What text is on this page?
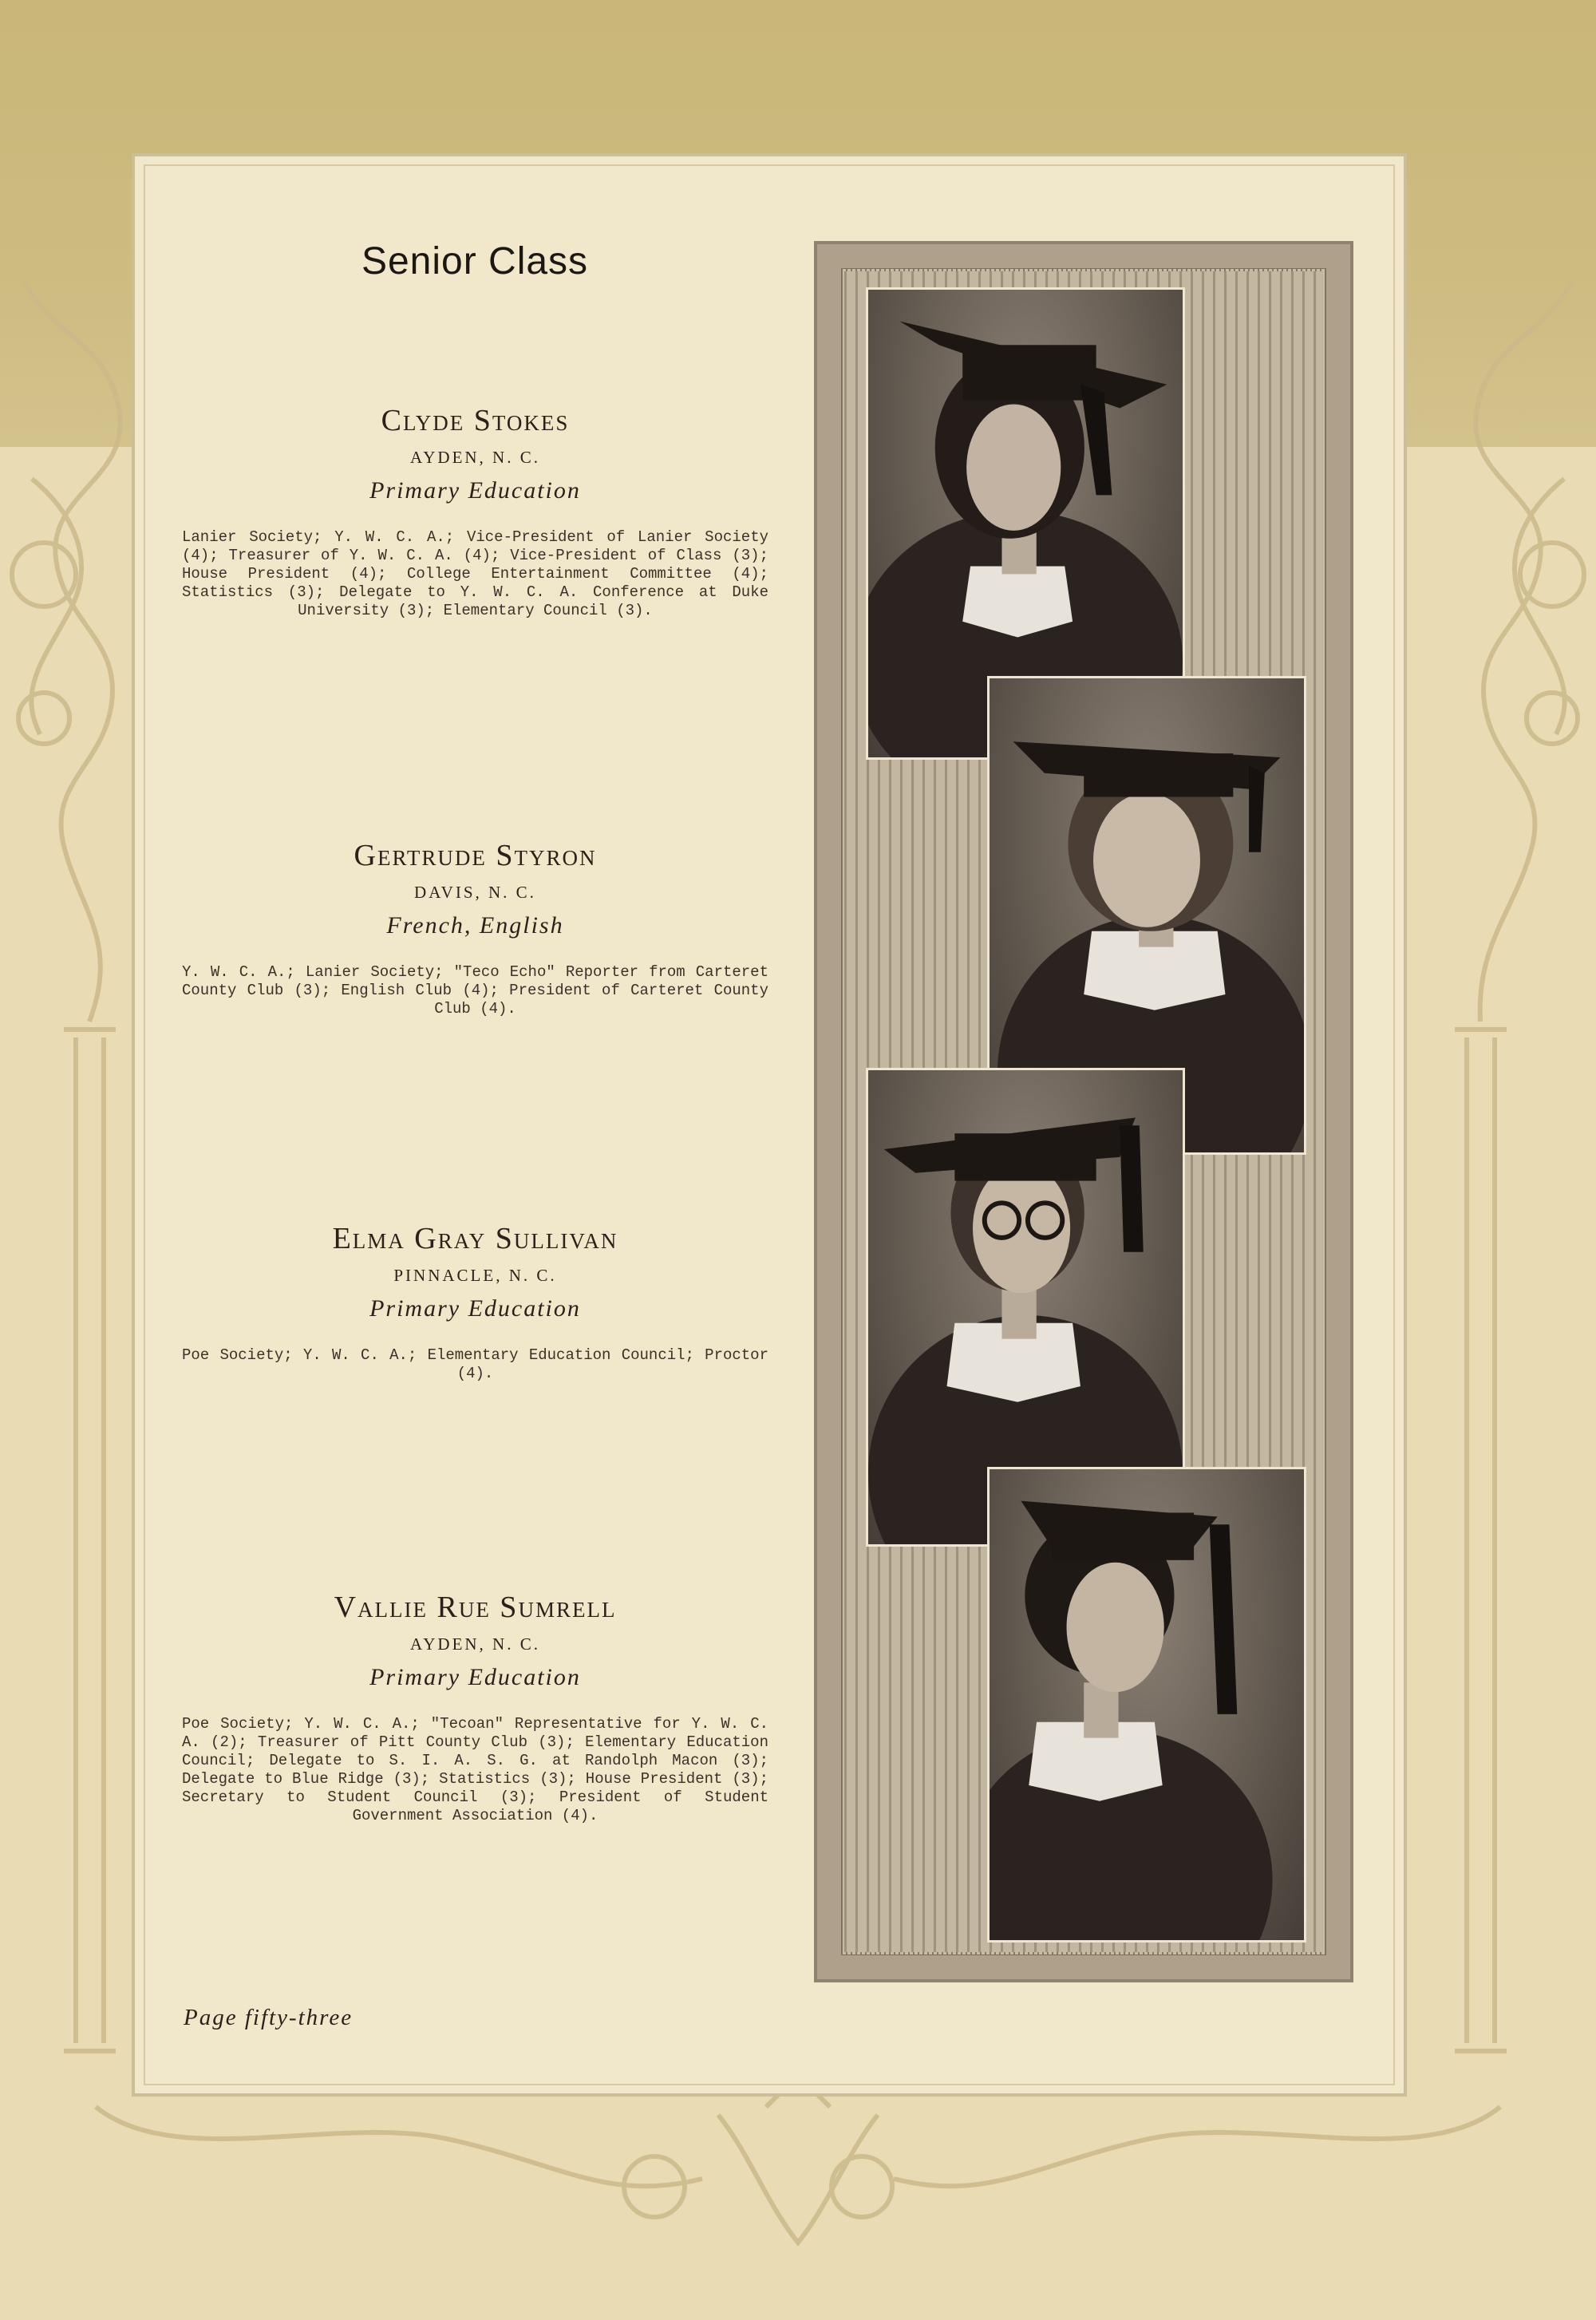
Senior Class
Clyde Stokes
AYDEN, N. C.
Primary Education
Lanier Society; Y. W. C. A.; Vice-President of Lanier Society (4); Treasurer of Y. W. C. A. (4); Vice-President of Class (3); House President (4); College Entertainment Committee (4); Statistics (3); Delegate to Y. W. C. A. Conference at Duke University (3); Elementary Council (3).
Gertrude Styron
DAVIS, N. C.
French, English
Y. W. C. A.; Lanier Society; "Teco Echo" Reporter from Carteret County Club (3); English Club (4); President of Carteret County Club (4).
Elma Gray Sullivan
PINNACLE, N. C.
Primary Education
Poe Society; Y. W. C. A.; Elementary Education Council; Proctor (4).
Vallie Rue Sumrell
AYDEN, N. C.
Primary Education
Poe Society; Y. W. C. A.; "Tecoan" Representative for Y. W. C. A. (2); Treasurer of Pitt County Club (3); Elementary Education Council; Delegate to S. I. A. S. G. at Randolph Macon (3); Delegate to Blue Ridge (3); Statistics (3); House President (3); Secretary to Student Council (3); President of Student Government Association (4).
Page fifty-three
